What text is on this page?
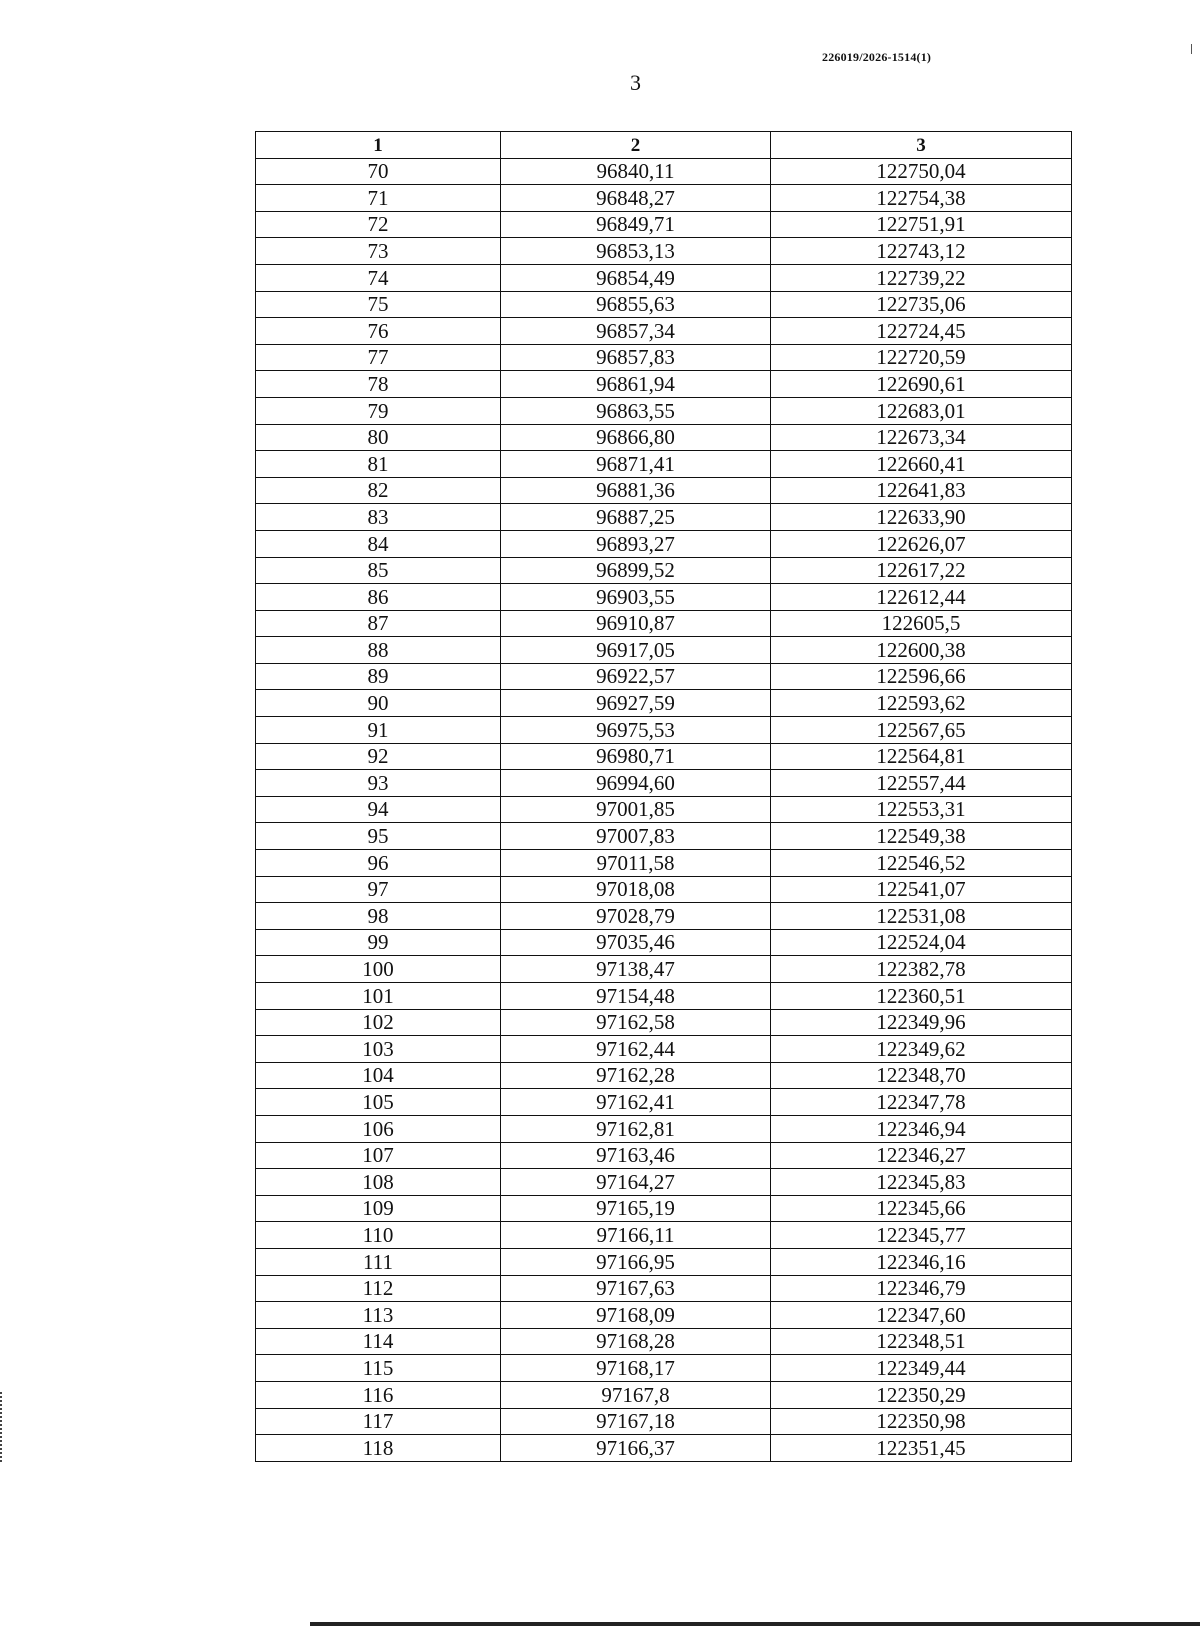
226019/2026-1514(1)
3
1	2	3
70	96840,11	122750,04
71	96848,27	122754,38
72	96849,71	122751,91
73	96853,13	122743,12
74	96854,49	122739,22
75	96855,63	122735,06
76	96857,34	122724,45
77	96857,83	122720,59
78	96861,94	122690,61
79	96863,55	122683,01
80	96866,80	122673,34
81	96871,41	122660,41
82	96881,36	122641,83
83	96887,25	122633,90
84	96893,27	122626,07
85	96899,52	122617,22
86	96903,55	122612,44
87	96910,87	122605,5
88	96917,05	122600,38
89	96922,57	122596,66
90	96927,59	122593,62
91	96975,53	122567,65
92	96980,71	122564,81
93	96994,60	122557,44
94	97001,85	122553,31
95	97007,83	122549,38
96	97011,58	122546,52
97	97018,08	122541,07
98	97028,79	122531,08
99	97035,46	122524,04
100	97138,47	122382,78
101	97154,48	122360,51
102	97162,58	122349,96
103	97162,44	122349,62
104	97162,28	122348,70
105	97162,41	122347,78
106	97162,81	122346,94
107	97163,46	122346,27
108	97164,27	122345,83
109	97165,19	122345,66
110	97166,11	122345,77
111	97166,95	122346,16
112	97167,63	122346,79
113	97168,09	122347,60
114	97168,28	122348,51
115	97168,17	122349,44
116	97167,8	122350,29
117	97167,18	122350,98
118	97166,37	122351,45
